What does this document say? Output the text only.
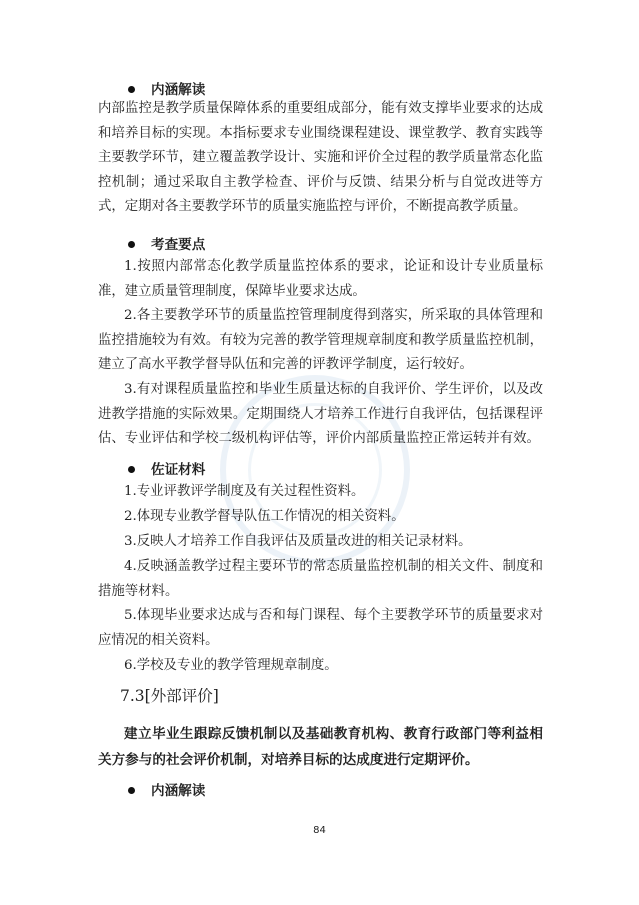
内涵解读
内部监控是教学质量保障体系的重要组成部分，能有效支撑毕业要求的达成和培养目标的实现。本指标要求专业围绕课程建设、课堂教学、教育实践等主要教学环节，建立覆盖教学设计、实施和评价全过程的教学质量常态化监控机制；通过采取自主教学检查、评价与反馈、结果分析与自觉改进等方式，定期对各主要教学环节的质量实施监控与评价，不断提高教学质量。
考查要点
1.按照内部常态化教学质量监控体系的要求，论证和设计专业质量标准，建立质量管理制度，保障毕业要求达成。
2.各主要教学环节的质量监控管理制度得到落实，所采取的具体管理和监控措施较为有效。有较为完善的教学管理规章制度和教学质量监控机制，建立了高水平教学督导队伍和完善的评教评学制度，运行较好。
3.有对课程质量监控和毕业生质量达标的自我评价、学生评价，以及改进教学措施的实际效果。定期围绕人才培养工作进行自我评估，包括课程评估、专业评估和学校二级机构评估等，评价内部质量监控正常运转并有效。
佐证材料
1.专业评教评学制度及有关过程性资料。
2.体现专业教学督导队伍工作情况的相关资料。
3.反映人才培养工作自我评估及质量改进的相关记录材料。
4.反映涵盖教学过程主要环节的常态质量监控机制的相关文件、制度和措施等材料。
5.体现毕业要求达成与否和每门课程、每个主要教学环节的质量要求对应情况的相关资料。
6.学校及专业的教学管理规章制度。
7.3[外部评价]
建立毕业生跟踪反馈机制以及基础教育机构、教育行政部门等利益相关方参与的社会评价机制，对培养目标的达成度进行定期评价。
内涵解读
84
